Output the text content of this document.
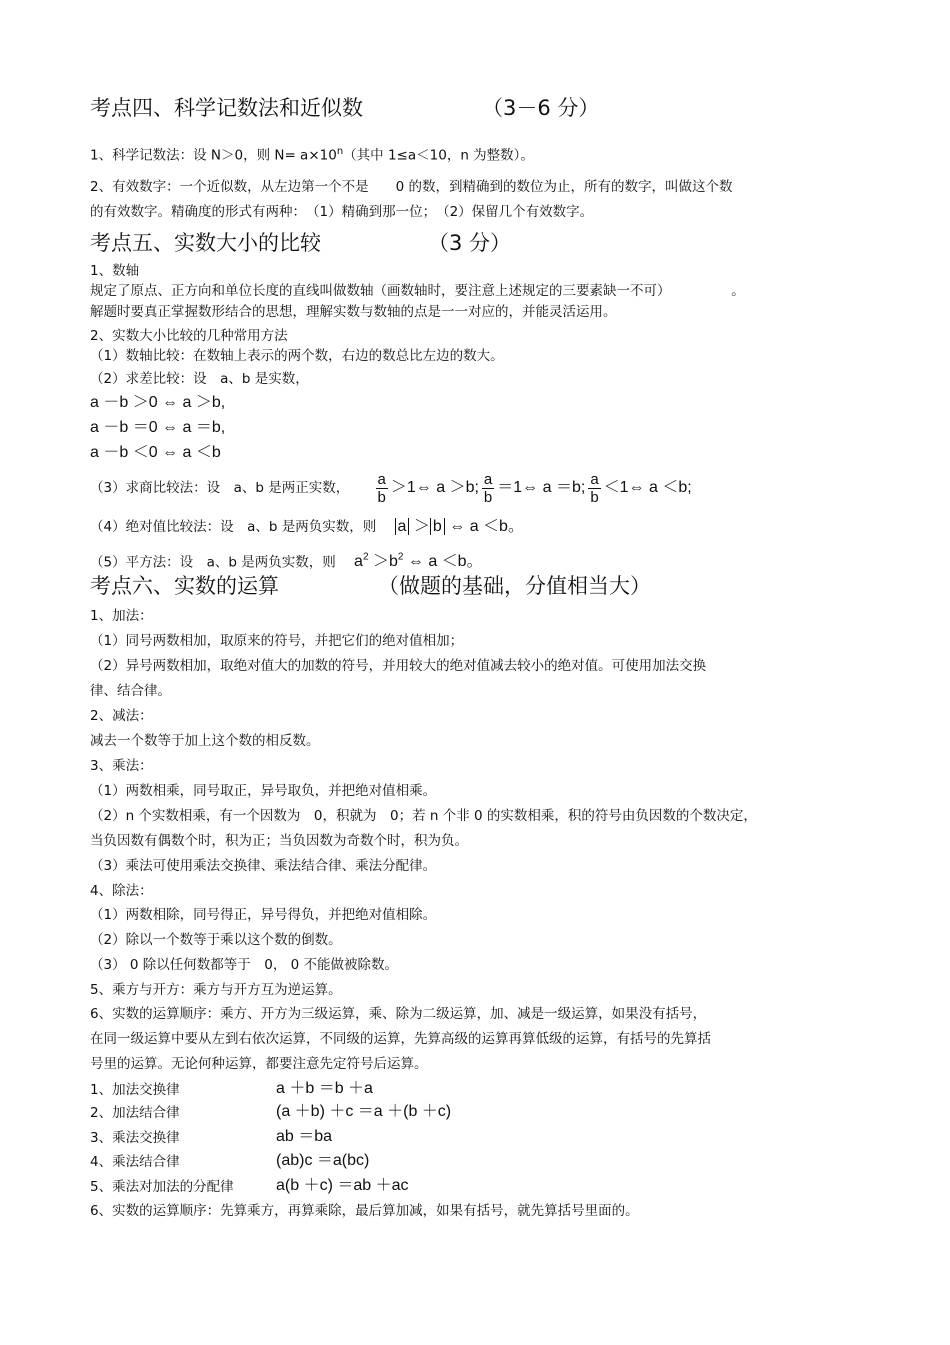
考点四、科学记数法和近似数	（3－6 分）
1、科学记数法：设 N＞0，则 $N= a\times 10^n$（其中 1≤a＜10，n 为整数）。
2、有效数字：一个近似数，从左边第一个不是　　0 的数，到精确到的数位为止，所有的数字，叫做这个数
的有效数字。精确度的形式有两种：　（1）精确到那一位；　（2）保留几个有效数字。
考点五、实数大小的比较	（3 分）
1、数轴
规定了原点、正方向和单位长度的直线叫做数轴（画数轴时，要注意上述规定的三要素缺一不可）　　　　　。
解题时要真正掌握数形结合的思想，理解实数与数轴的点是一一对应的，并能灵活运用。
2、实数大小比较的几种常用方法
（1）数轴比较：在数轴上表示的两个数，右边的数总比左边的数大。
（2）求差比较：设　a、b 是实数，
a －b ＞0 ⇔ a ＞b,
a －b ＝0 ⇔ a ＝b,
a －b ＜0 ⇔ a ＜b
（3）求商比较法：设　a、b 是两正实数， $\frac{a}{b}$ ＞1⇔ a ＞b; $\frac{a}{b}$ ＝1⇔ a ＝b; $\frac{a}{b}$ ＜1⇔ a ＜b;
（4）绝对值比较法：设　a、b 是两负实数，则 a ＞ b ⇔ a ＜b。
（5）平方法：设　a、b 是两负实数，则 $a^2 >b^2$ ⇔ a ＜b。
考点六、实数的运算	（做题的基础，分值相当大）
1、加法：
（1）同号两数相加，取原来的符号，并把它们的绝对值相加；
（2）异号两数相加，取绝对值大的加数的符号，并用较大的绝对值减去较小的绝对值。可使用加法交换
律、结合律。
2、减法：
减去一个数等于加上这个数的相反数。
3、乘法：
（1）两数相乘，同号取正，异号取负，并把绝对值相乘。
（2）n 个实数相乘，有一个因数为　0，积就为　0；若 n 个非 0 的实数相乘，积的符号由负因数的个数决定，
当负因数有偶数个时，积为正；当负因数为奇数个时，积为负。
（3）乘法可使用乘法交换律、乘法结合律、乘法分配律。
4、除法：
（1）两数相除，同号得正，异号得负，并把绝对值相除。
（2）除以一个数等于乘以这个数的倒数。
（3） 0 除以任何数都等于　0， 0 不能做被除数。
5、乘方与开方：乘方与开方互为逆运算。
6、实数的运算顺序：乘方、开方为三级运算，乘、除为二级运算，加、减是一级运算，如果没有括号，
在同一级运算中要从左到右依次运算，不同级的运算，先算高级的运算再算低级的运算，有括号的先算括
号里的运算。无论何种运算，都要注意先定符号后运算。
1、加法交换律	a ＋b ＝b ＋a
2、加法结合律	(a ＋b) ＋c ＝a ＋(b ＋c)
3、乘法交换律	ab ＝ba
4、乘法结合律	(ab)c ＝a(bc)
5、乘法对加法的分配律	a(b ＋c) ＝ab ＋ac
6、实数的运算顺序：先算乘方，再算乘除，最后算加减，如果有括号，就先算括号里面的。
